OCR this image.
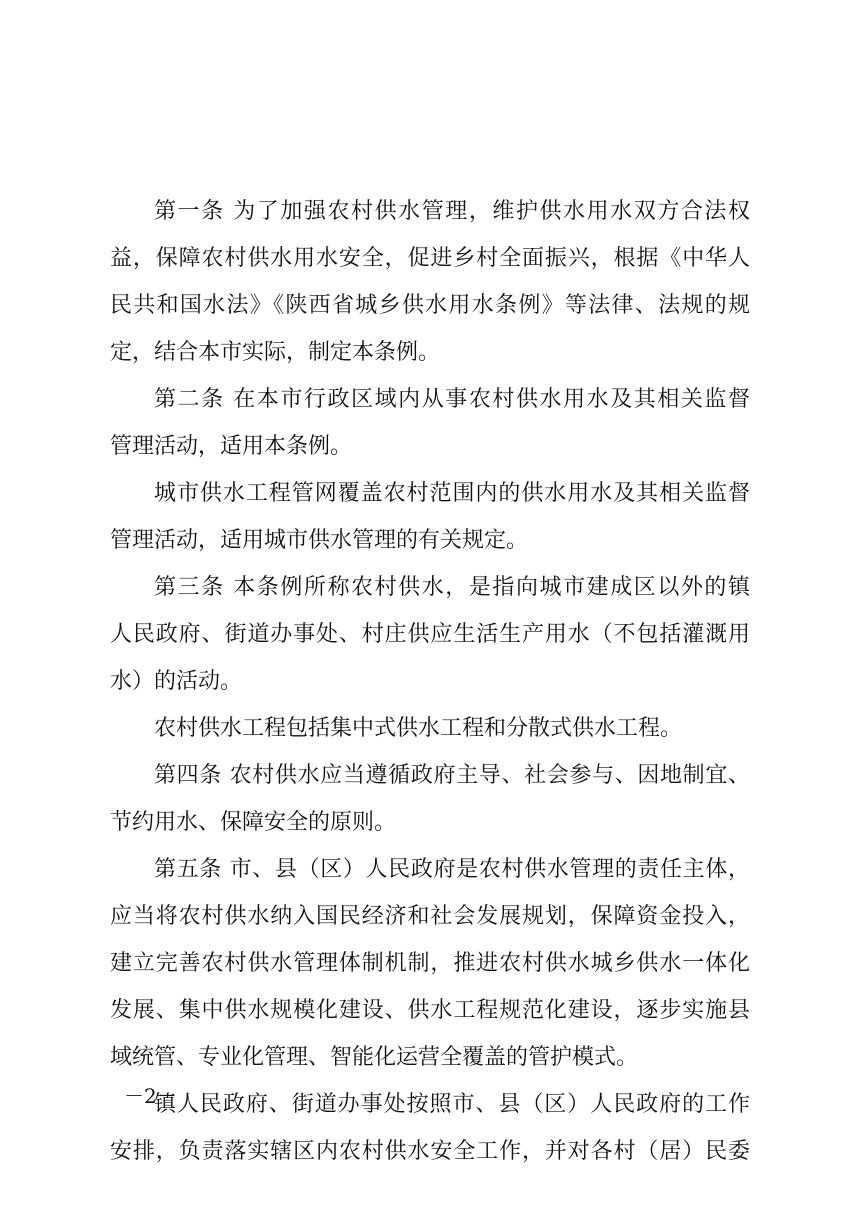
第一条 为了加强农村供水管理，维护供水用水双方合法权
益，保障农村供水用水安全，促进乡村全面振兴，根据《中华人
民共和国水法》《陕西省城乡供水用水条例》等法律、法规的规
定，结合本市实际，制定本条例。
第二条 在本市行政区域内从事农村供水用水及其相关监督
管理活动，适用本条例。
城市供水工程管网覆盖农村范围内的供水用水及其相关监督
管理活动，适用城市供水管理的有关规定。
第三条 本条例所称农村供水，是指向城市建成区以外的镇
人民政府、街道办事处、村庄供应生活生产用水（不包括灌溉用
水）的活动。
农村供水工程包括集中式供水工程和分散式供水工程。
第四条 农村供水应当遵循政府主导、社会参与、因地制宜、
节约用水、保障安全的原则。
第五条 市、县（区）人民政府是农村供水管理的责任主体，
应当将农村供水纳入国民经济和社会发展规划，保障资金投入，
建立完善农村供水管理体制机制，推进农村供水城乡供水一体化
发展、集中供水规模化建设、供水工程规范化建设，逐步实施县
域统管、专业化管理、智能化运营全覆盖的管护模式。
镇人民政府、街道办事处按照市、县（区）人民政府的工作
安排，负责落实辖区内农村供水安全工作，并对各村（居）民委
－2－
